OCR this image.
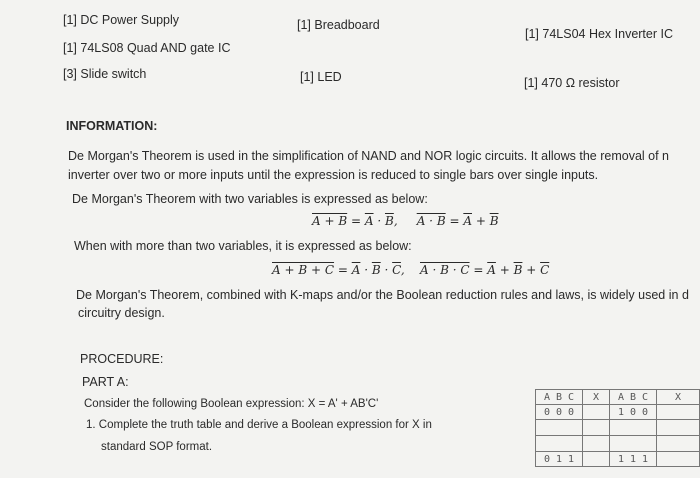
[1] DC Power Supply	[1] Breadboard
[1] 74LS04 Hex Inverter IC
[1] 74LS08 Quad AND gate IC
[3] Slide switch	[1] LED	[1] 470 Ω resistor
INFORMATION:
De Morgan's Theorem is used in the simplification of NAND and NOR logic circuits. It allows the removal of n
inverter over two or more inputs until the expression is reduced to single bars over single inputs.
De Morgan's Theorem with two variables is expressed as below:
$A + B = \overline{A} \cdot \overline{B}$,     $A \cdot B = \overline{A} + \overline{B}$
When with more than two variables, it is expressed as below:
$A + B + C = \overline{A} \cdot \overline{B} \cdot \overline{C}$,    $A \cdot B \cdot C = \overline{A} + \overline{B} + \overline{C}$
De Morgan's Theorem, combined with K-maps and/or the Boolean reduction rules and laws, is widely used in d
circuitry design.
PROCEDURE:
PART A:
Consider the following Boolean expression: X = A' + AB'C'
1. Complete the truth table and derive a Boolean expression for X in
standard SOP format.
A B C	X	A B C	X
0 0 0		1 0 0	

0 1 1		1 1 1	
